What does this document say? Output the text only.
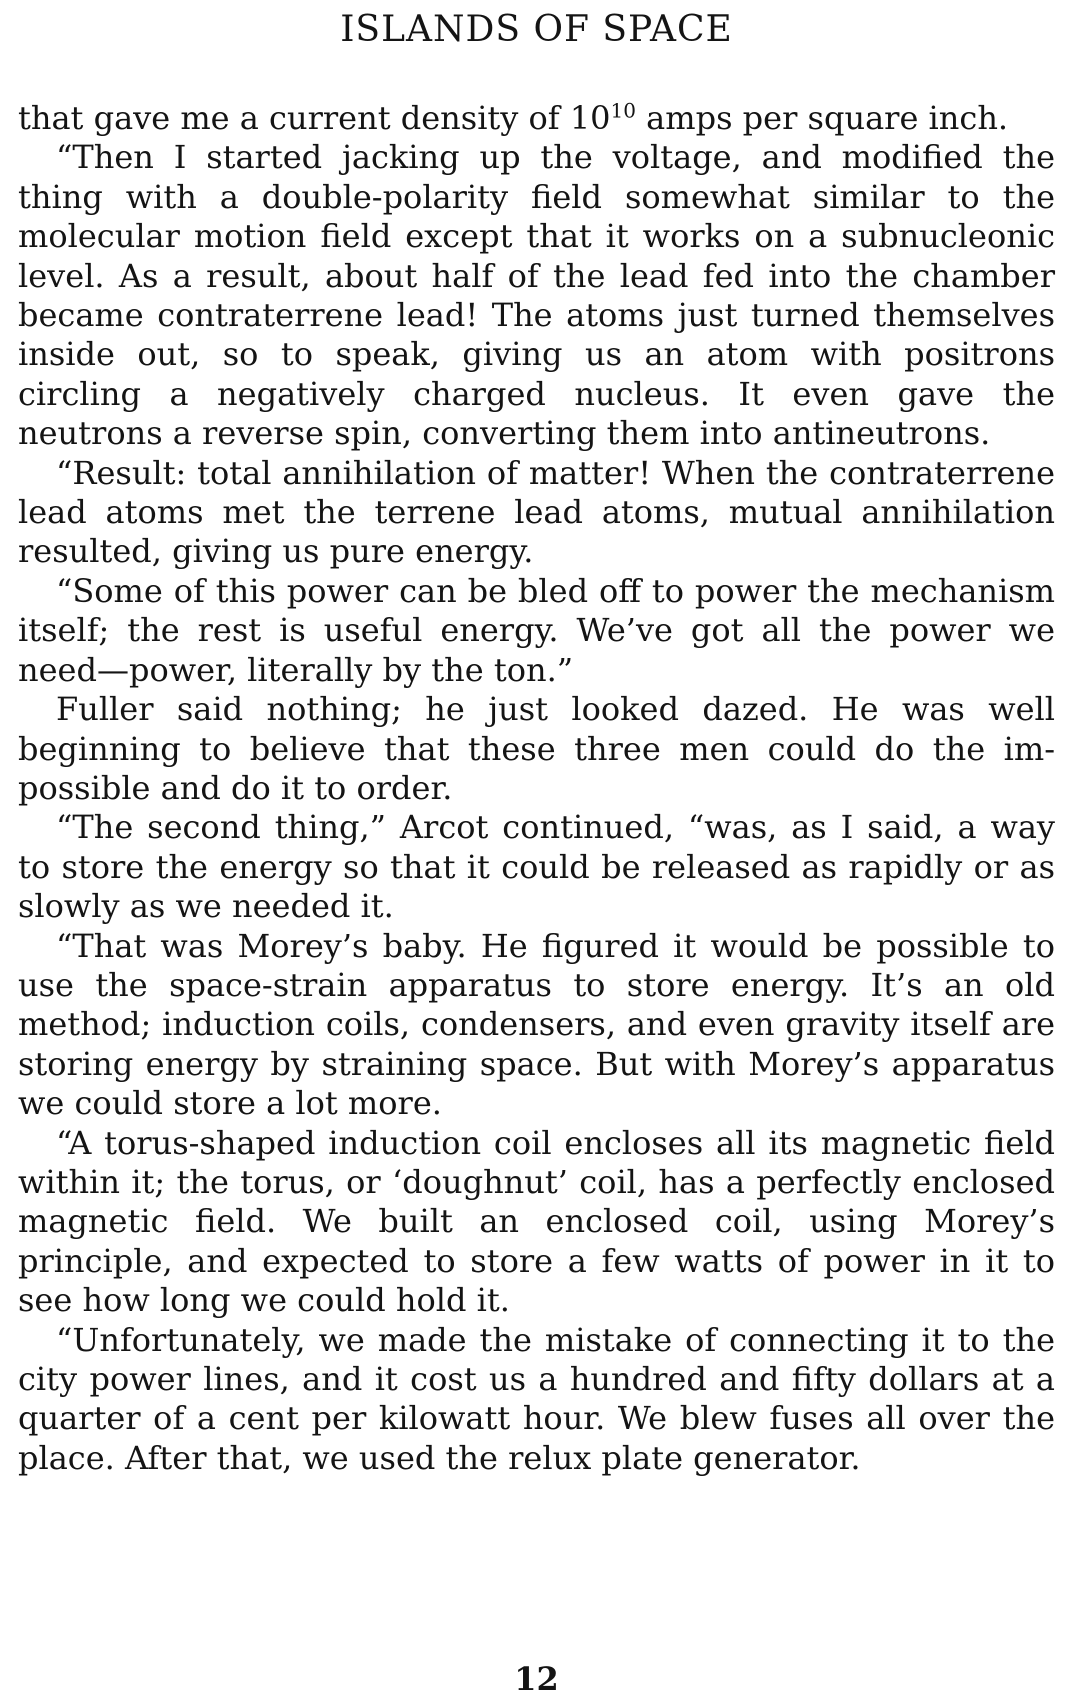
ISLANDS OF SPACE

that gave me a current density of $10^{10}$ amps per square inch.

“Then I started jacking up the voltage, and modified the thing with a double-polarity field somewhat similar to the molecular motion field except that it works on a subnucleonic level. As a result, about half of the lead fed into the chamber became contraterrene lead! The atoms just turned themselves inside out, so to speak, giving us an atom with positrons circling a negatively charged nucleus. It even gave the neutrons a reverse spin, converting them into antineutrons.

“Result: total annihilation of matter! When the contraterrene lead atoms met the terrene lead atoms, mutual annihilation resulted, giving us pure energy.

“Some of this power can be bled off to power the mechanism itself; the rest is useful energy. We’ve got all the power we need—power, literally by the ton.”

Fuller said nothing; he just looked dazed. He was well beginning to believe that these three men could do the impossible and do it to order.

“The second thing,” Arcot continued, “was, as I said, a way to store the energy so that it could be released as rapidly or as slowly as we needed it.

“That was Morey’s baby. He figured it would be possible to use the space-strain apparatus to store energy. It’s an old method; induction coils, condensers, and even gravity itself are storing energy by straining space. But with Morey’s apparatus we could store a lot more.

“A torus-shaped induction coil encloses all its magnetic field within it; the torus, or ‘doughnut’ coil, has a perfectly enclosed magnetic field. We built an enclosed coil, using Morey’s principle, and expected to store a few watts of power in it to see how long we could hold it.

“Unfortunately, we made the mistake of connecting it to the city power lines, and it cost us a hundred and fifty dollars at a quarter of a cent per kilowatt hour. We blew fuses all over the place. After that, we used the relux plate generator.

12
